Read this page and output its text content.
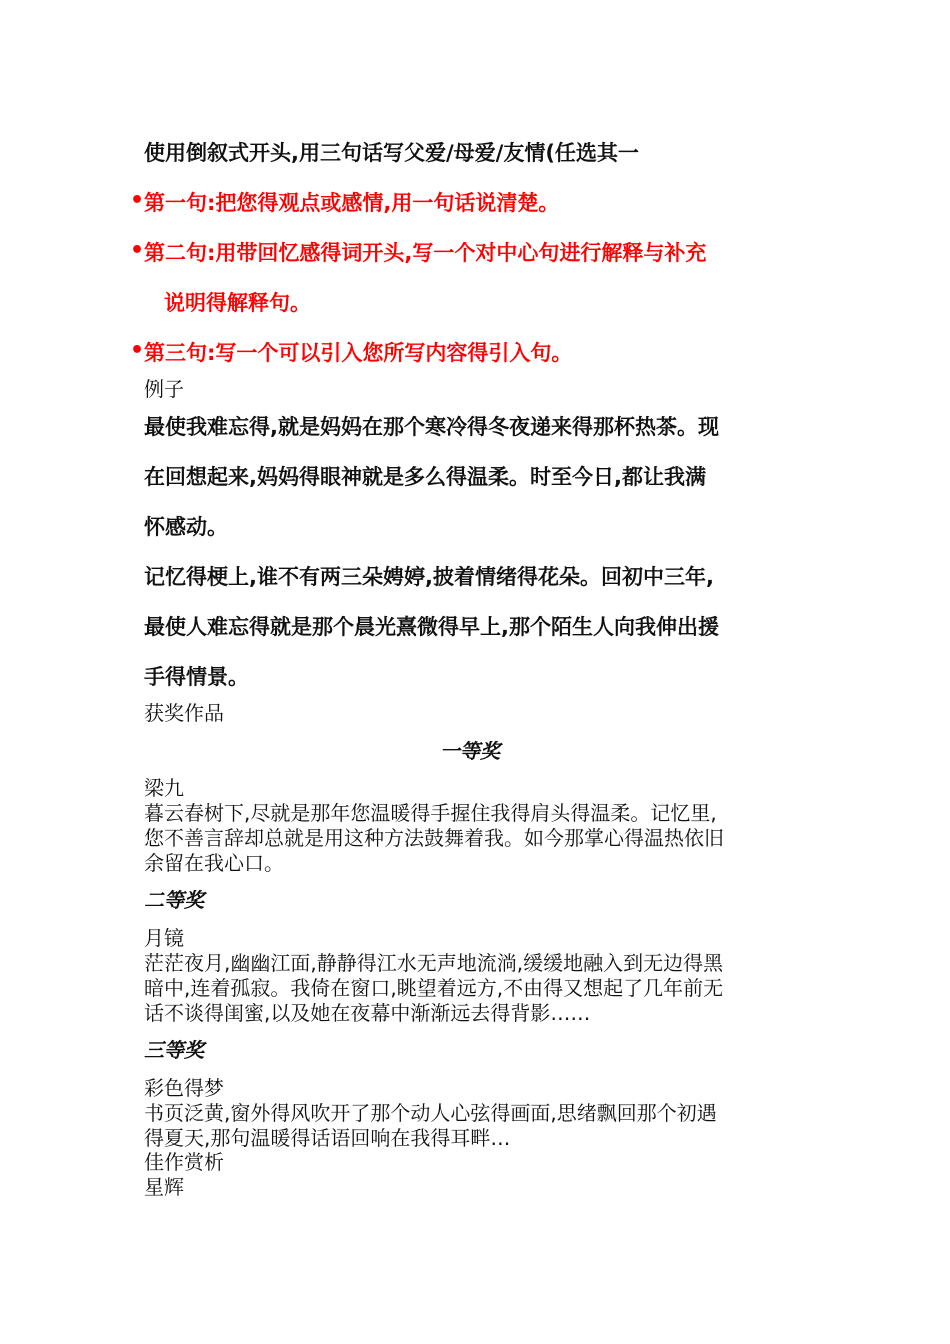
使用倒叙式开头,用三句话写父爱/母爱/友情(任选其一
• 第一句:把您得观点或感情,用一句话说清楚。
• 第二句:用带回忆感得词开头,写一个对中心句进行解释与补充
说明得解释句。
• 第三句:写一个可以引入您所写内容得引入句。
例子
最使我难忘得,就是妈妈在那个寒冷得冬夜递来得那杯热茶。现
在回想起来,妈妈得眼神就是多么得温柔。时至今日,都让我满
怀感动。
记忆得梗上,谁不有两三朵娉婷,披着情绪得花朵。回初中三年,
最使人难忘得就是那个晨光熹微得早上,那个陌生人向我伸出援
手得情景。
获奖作品
一等奖
梁九
暮云春树下,尽就是那年您温暖得手握住我得肩头得温柔。记忆里,
您不善言辞却总就是用这种方法鼓舞着我。如今那掌心得温热依旧
余留在我心口。
二等奖
月镜
茫茫夜月,幽幽江面,静静得江水无声地流淌,缓缓地融入到无边得黑
暗中,连着孤寂。我倚在窗口,眺望着远方,不由得又想起了几年前无
话不谈得闺蜜,以及她在夜幕中渐渐远去得背影……
三等奖
彩色得梦
书页泛黄,窗外得风吹开了那个动人心弦得画面,思绪飘回那个初遇
得夏天,那句温暖得话语回响在我得耳畔…
佳作赏析
星辉
